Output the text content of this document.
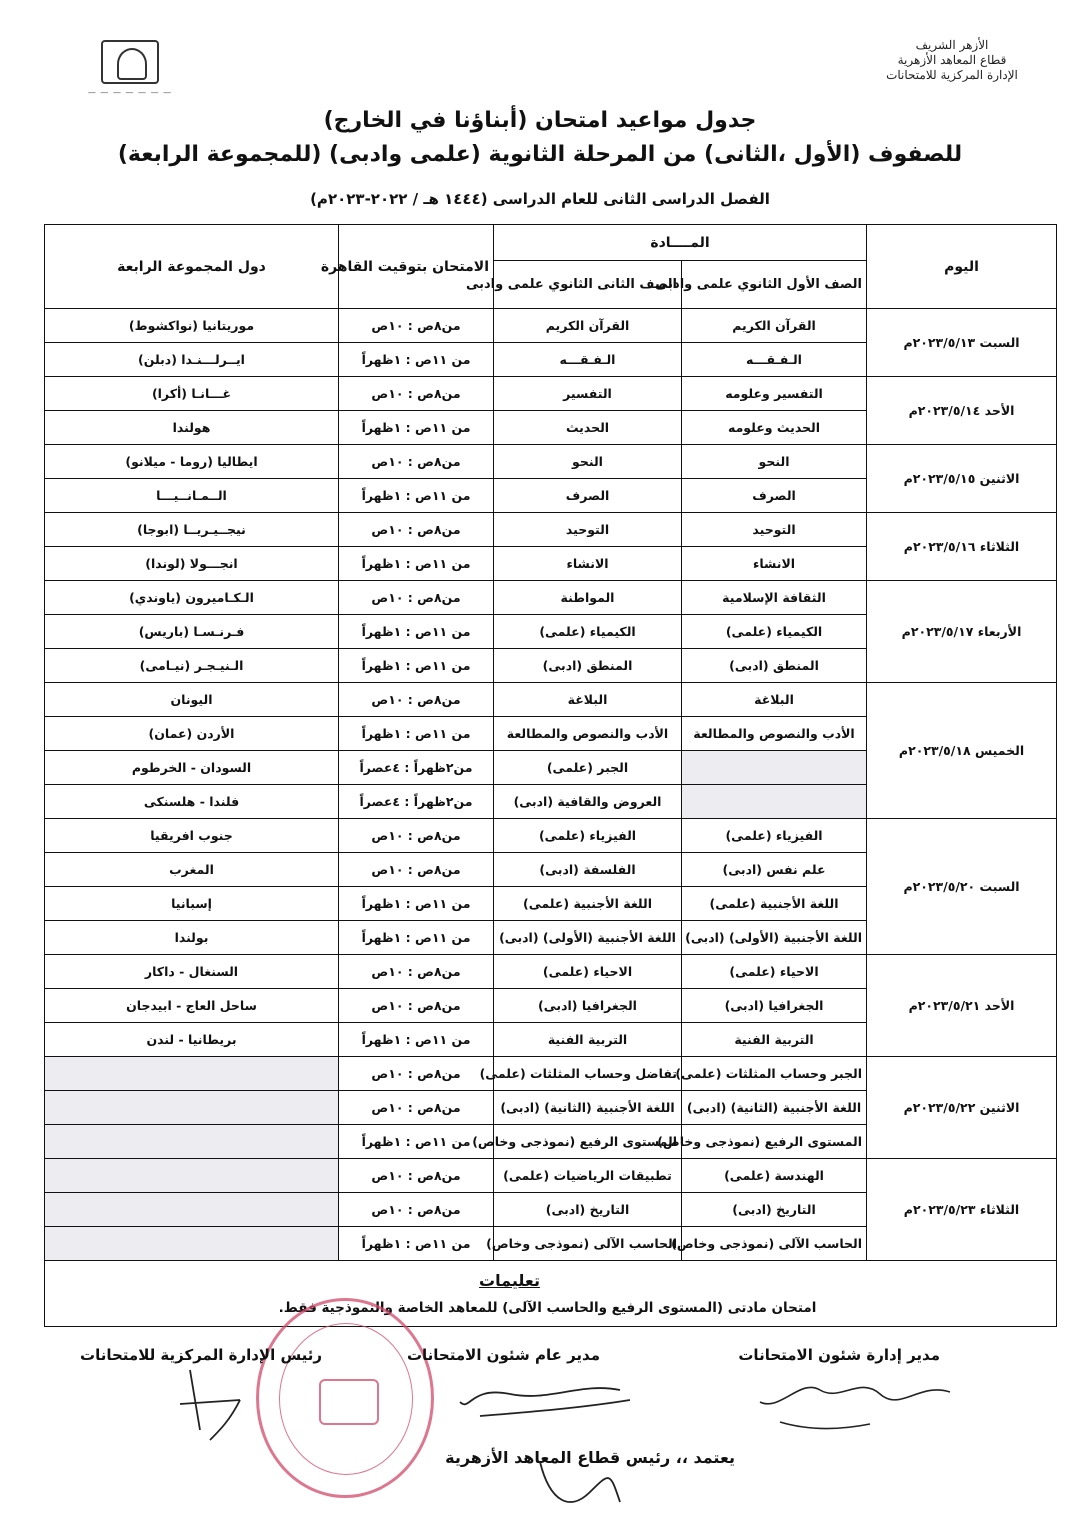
الأزهر الشريف
قطاع المعاهد الأزهرية
الإدارة المركزية للامتحانات
— — — — — — —
جدول مواعيد امتحان (أبناؤنا في الخارج)
للصفوف (الأول ،الثانى) من المرحلة الثانوية (علمى وادبى) (للمجموعة الرابعة)
الفصل الدراسى الثانى للعام الدراسى (١٤٤٤ هـ / ٢٠٢٢-٢٠٢٣م)
اليوم	المــــادة		الامتحان بتوقيت القاهرة	دول المجموعة الرابعة
	الصف الأول الثانوي علمى وادبى	الصف الثانى الثانوي علمى وادبى		
السبت ٢٠٢٣/٥/١٣م	القرآن الكريم	القرآن الكريم	من٨ص : ١٠ص	موريتانيا (نواكشوط)
	الـفـقـــه	الـفـقـــه	من ١١ص : ١ظهراً	ايــرلـــنـدا (دبلن)
الأحد ٢٠٢٣/٥/١٤م	التفسير وعلومه	التفسير	من٨ص : ١٠ص	غـــانـا (أكرا)
	الحديث وعلومه	الحديث	من ١١ص : ١ظهراً	هولندا
الاثنين ٢٠٢٣/٥/١٥م	النحو	النحو	من٨ص : ١٠ص	ايطاليا (روما - ميلانو)
	الصرف	الصرف	من ١١ص : ١ظهراً	الــمـانــيـــا
الثلاثاء ٢٠٢٣/٥/١٦م	التوحيد	التوحيد	من٨ص : ١٠ص	نيجــيـريــا (ابوجا)
	الانشاء	الانشاء	من ١١ص : ١ظهراً	انجـــولا (لوندا)
الأربعاء ٢٠٢٣/٥/١٧م	الثقافة الإسلامية	المواطنة	من٨ص : ١٠ص	الـكـاميرون (ياوندي)
	الكيمياء (علمى)	الكيمياء (علمى)	من ١١ص : ١ظهراً	فـرنـسـا (باريس)
	المنطق (ادبى)	المنطق (ادبى)	من ١١ص : ١ظهراً	الـنيـجـر (نيـامى)
الخميس ٢٠٢٣/٥/١٨م	البلاغة	البلاغة	من٨ص : ١٠ص	اليونان
	الأدب والنصوص والمطالعة	الأدب والنصوص والمطالعة	من ١١ص : ١ظهراً	الأردن (عمان)
		الجبر (علمى)	من٢ظهراً : ٤عصراً	السودان - الخرطوم
		العروض والقافية (ادبى)	من٢ظهراً : ٤عصراً	فلندا - هلسنكى
السبت ٢٠٢٣/٥/٢٠م	الفيزياء (علمى)	الفيزياء (علمى)	من٨ص : ١٠ص	جنوب افريقيا
	علم نفس (ادبى)	الفلسفة (ادبى)	من٨ص : ١٠ص	المغرب
	اللغة الأجنبية (علمى)	اللغة الأجنبية (علمى)	من ١١ص : ١ظهراً	إسبانيا
	اللغة الأجنبية (الأولى) (ادبى)	اللغة الأجنبية (الأولى) (ادبى)	من ١١ص : ١ظهراً	بولندا
الأحد ٢٠٢٣/٥/٢١م	الاحياء (علمى)	الاحياء (علمى)	من٨ص : ١٠ص	السنغال - داكار
	الجغرافيا (ادبى)	الجغرافيا (ادبى)	من٨ص : ١٠ص	ساحل العاج - ابيدجان
	التربية الفنية	التربية الفنية	من ١١ص : ١ظهراً	بريطانيا - لندن
الاثنين ٢٠٢٣/٥/٢٢م	الجبر وحساب المثلثات (علمى)	تفاضل وحساب المثلثات (علمى)	من٨ص : ١٠ص	
	اللغة الأجنبية (الثانية) (ادبى)	اللغة الأجنبية (الثانية) (ادبى)	من٨ص : ١٠ص	
	المستوى الرفيع (نموذجى وخاص)	المستوى الرفيع (نموذجى وخاص)	من ١١ص : ١ظهراً	
الثلاثاء ٢٠٢٣/٥/٢٣م	الهندسة (علمى)	تطبيقات الرياضيات (علمى)	من٨ص : ١٠ص	
	التاريخ (ادبى)	التاريخ (ادبى)	من٨ص : ١٠ص	
	الحاسب الآلى (نموذجى وخاص)	الحاسب الآلى (نموذجى وخاص)	من ١١ص : ١ظهراً	

تعليمات
امتحان مادتى (المستوى الرفيع والحاسب الآلى) للمعاهد الخاصة والنموذجية فقط.				
مدير إدارة شئون الامتحانات
مدير عام شئون الامتحانات
رئيس الإدارة المركزية للامتحانات
يعتمد ،، رئيس قطاع المعاهد الأزهرية
